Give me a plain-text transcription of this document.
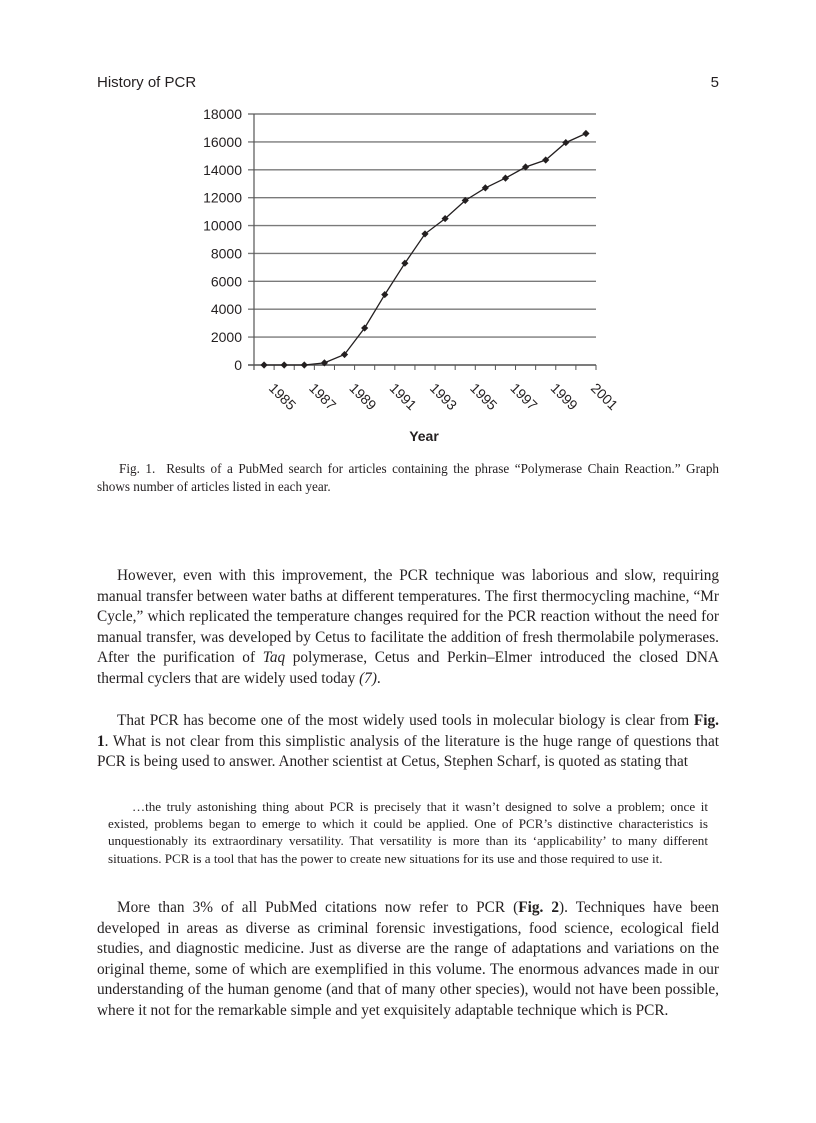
History of PCR	5
0
2000
4000
6000
8000
10000
12000
14000
16000
18000
1985 1987 1989 1991 1993 1995 1997 1999 2001
Year
Fig. 1. Results of a PubMed search for articles containing the phrase “Polymerase Chain Reaction.” Graph shows number of articles listed in each year.

However, even with this improvement, the PCR technique was laborious and slow, requiring manual transfer between water baths at different temperatures. The first thermocycling machine, “Mr Cycle,” which replicated the temperature changes required for the PCR reaction without the need for manual transfer, was developed by Cetus to facilitate the addition of fresh thermolabile polymerases. After the purification of Taq polymerase, Cetus and Perkin–Elmer introduced the closed DNA thermal cyclers that are widely used today (7).

That PCR has become one of the most widely used tools in molecular biology is clear from Fig. 1. What is not clear from this simplistic analysis of the literature is the huge range of questions that PCR is being used to answer. Another scientist at Cetus, Stephen Scharf, is quoted as stating that

…the truly astonishing thing about PCR is precisely that it wasn’t designed to solve a problem; once it existed, problems began to emerge to which it could be applied. One of PCR’s distinctive characteristics is unquestionably its extraordinary versatility. That versatility is more than its ‘applicability’ to many different situations. PCR is a tool that has the power to create new situations for its use and those required to use it.

More than 3% of all PubMed citations now refer to PCR (Fig. 2). Techniques have been developed in areas as diverse as criminal forensic investigations, food science, ecological field studies, and diagnostic medicine. Just as diverse are the range of adaptations and variations on the original theme, some of which are exemplified in this volume. The enormous advances made in our understanding of the human genome (and that of many other species), would not have been possible, where it not for the remarkable simple and yet exquisitely adaptable technique which is PCR.
